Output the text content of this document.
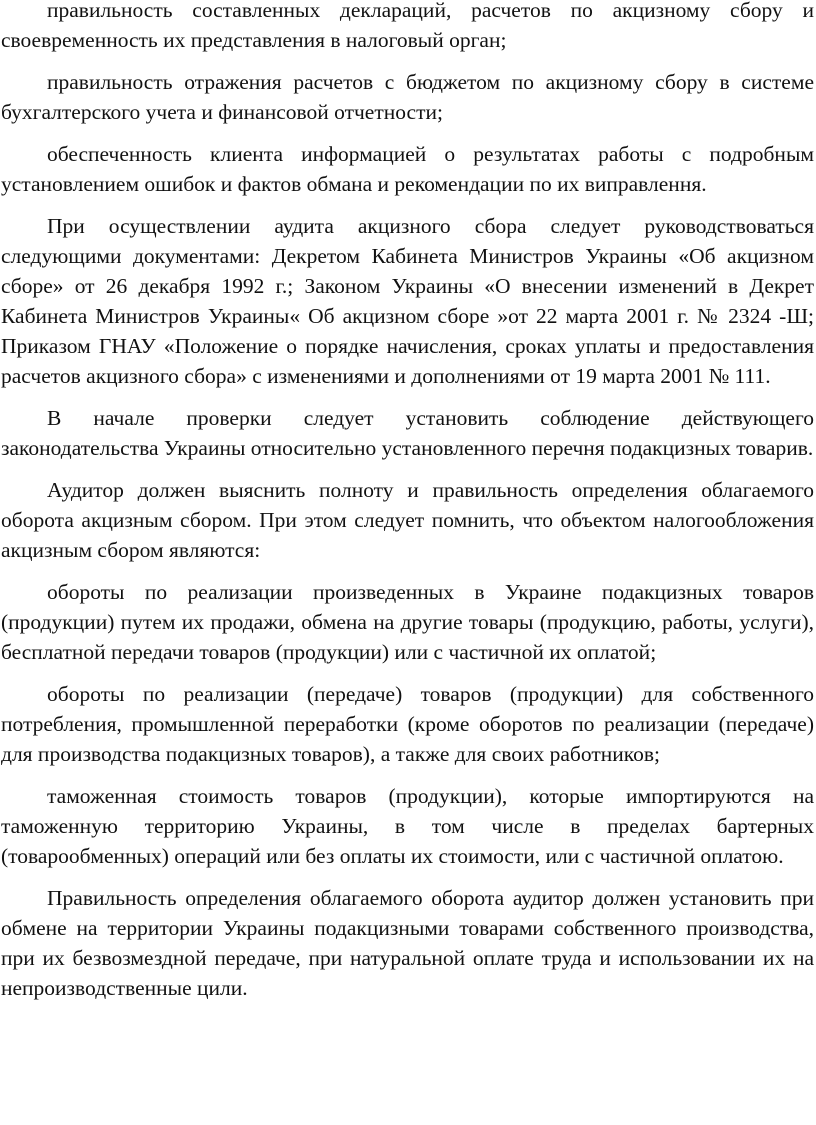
правильность составленных деклараций, расчетов по акцизному сбору и своевременность их представления в налоговый орган;

правильность отражения расчетов с бюджетом по акцизному сбору в системе бухгалтерского учета и финансовой отчетности;

обеспеченность клиента информацией о результатах работы с подробным установлением ошибок и фактов обмана и рекомендации по их виправлення.

При осуществлении аудита акцизного сбора следует руководствоваться следующими документами: Декретом Кабинета Министров Украины «Об акцизном сборе» от 26 декабря 1992 г.; Законом Украины «О внесении изменений в Декрет Кабинета Министров Украины« Об акцизном сборе »от 22 марта 2001 г. № 2324 -Ш; Приказом ГНАУ «Положение о порядке начисления, сроках уплаты и предоставления расчетов акцизного сбора» с изменениями и дополнениями от 19 марта 2001 № 111.

В начале проверки следует установить соблюдение действующего законодательства Украины относительно установленного перечня подакцизных товарив.

Аудитор должен выяснить полноту и правильность определения облагаемого оборота акцизным сбором. При этом следует помнить, что объектом налогообложения акцизным сбором являются:

обороты по реализации произведенных в Украине подакцизных товаров (продукции) путем их продажи, обмена на другие товары (продукцию, работы, услуги), бесплатной передачи товаров (продукции) или с частичной их оплатой;

обороты по реализации (передаче) товаров (продукции) для собственного потребления, промышленной переработки (кроме оборотов по реализации (передаче) для производства подакцизных товаров), а также для своих работников;

таможенная стоимость товаров (продукции), которые импортируются на таможенную территорию Украины, в том числе в пределах бартерных (товарообменных) операций или без оплаты их стоимости, или с частичной оплатою.

Правильность определения облагаемого оборота аудитор должен установить при обмене на территории Украины подакцизными товарами собственного производства, при их безвозмездной передаче, при натуральной оплате труда и использовании их на непроизводственные цили.
